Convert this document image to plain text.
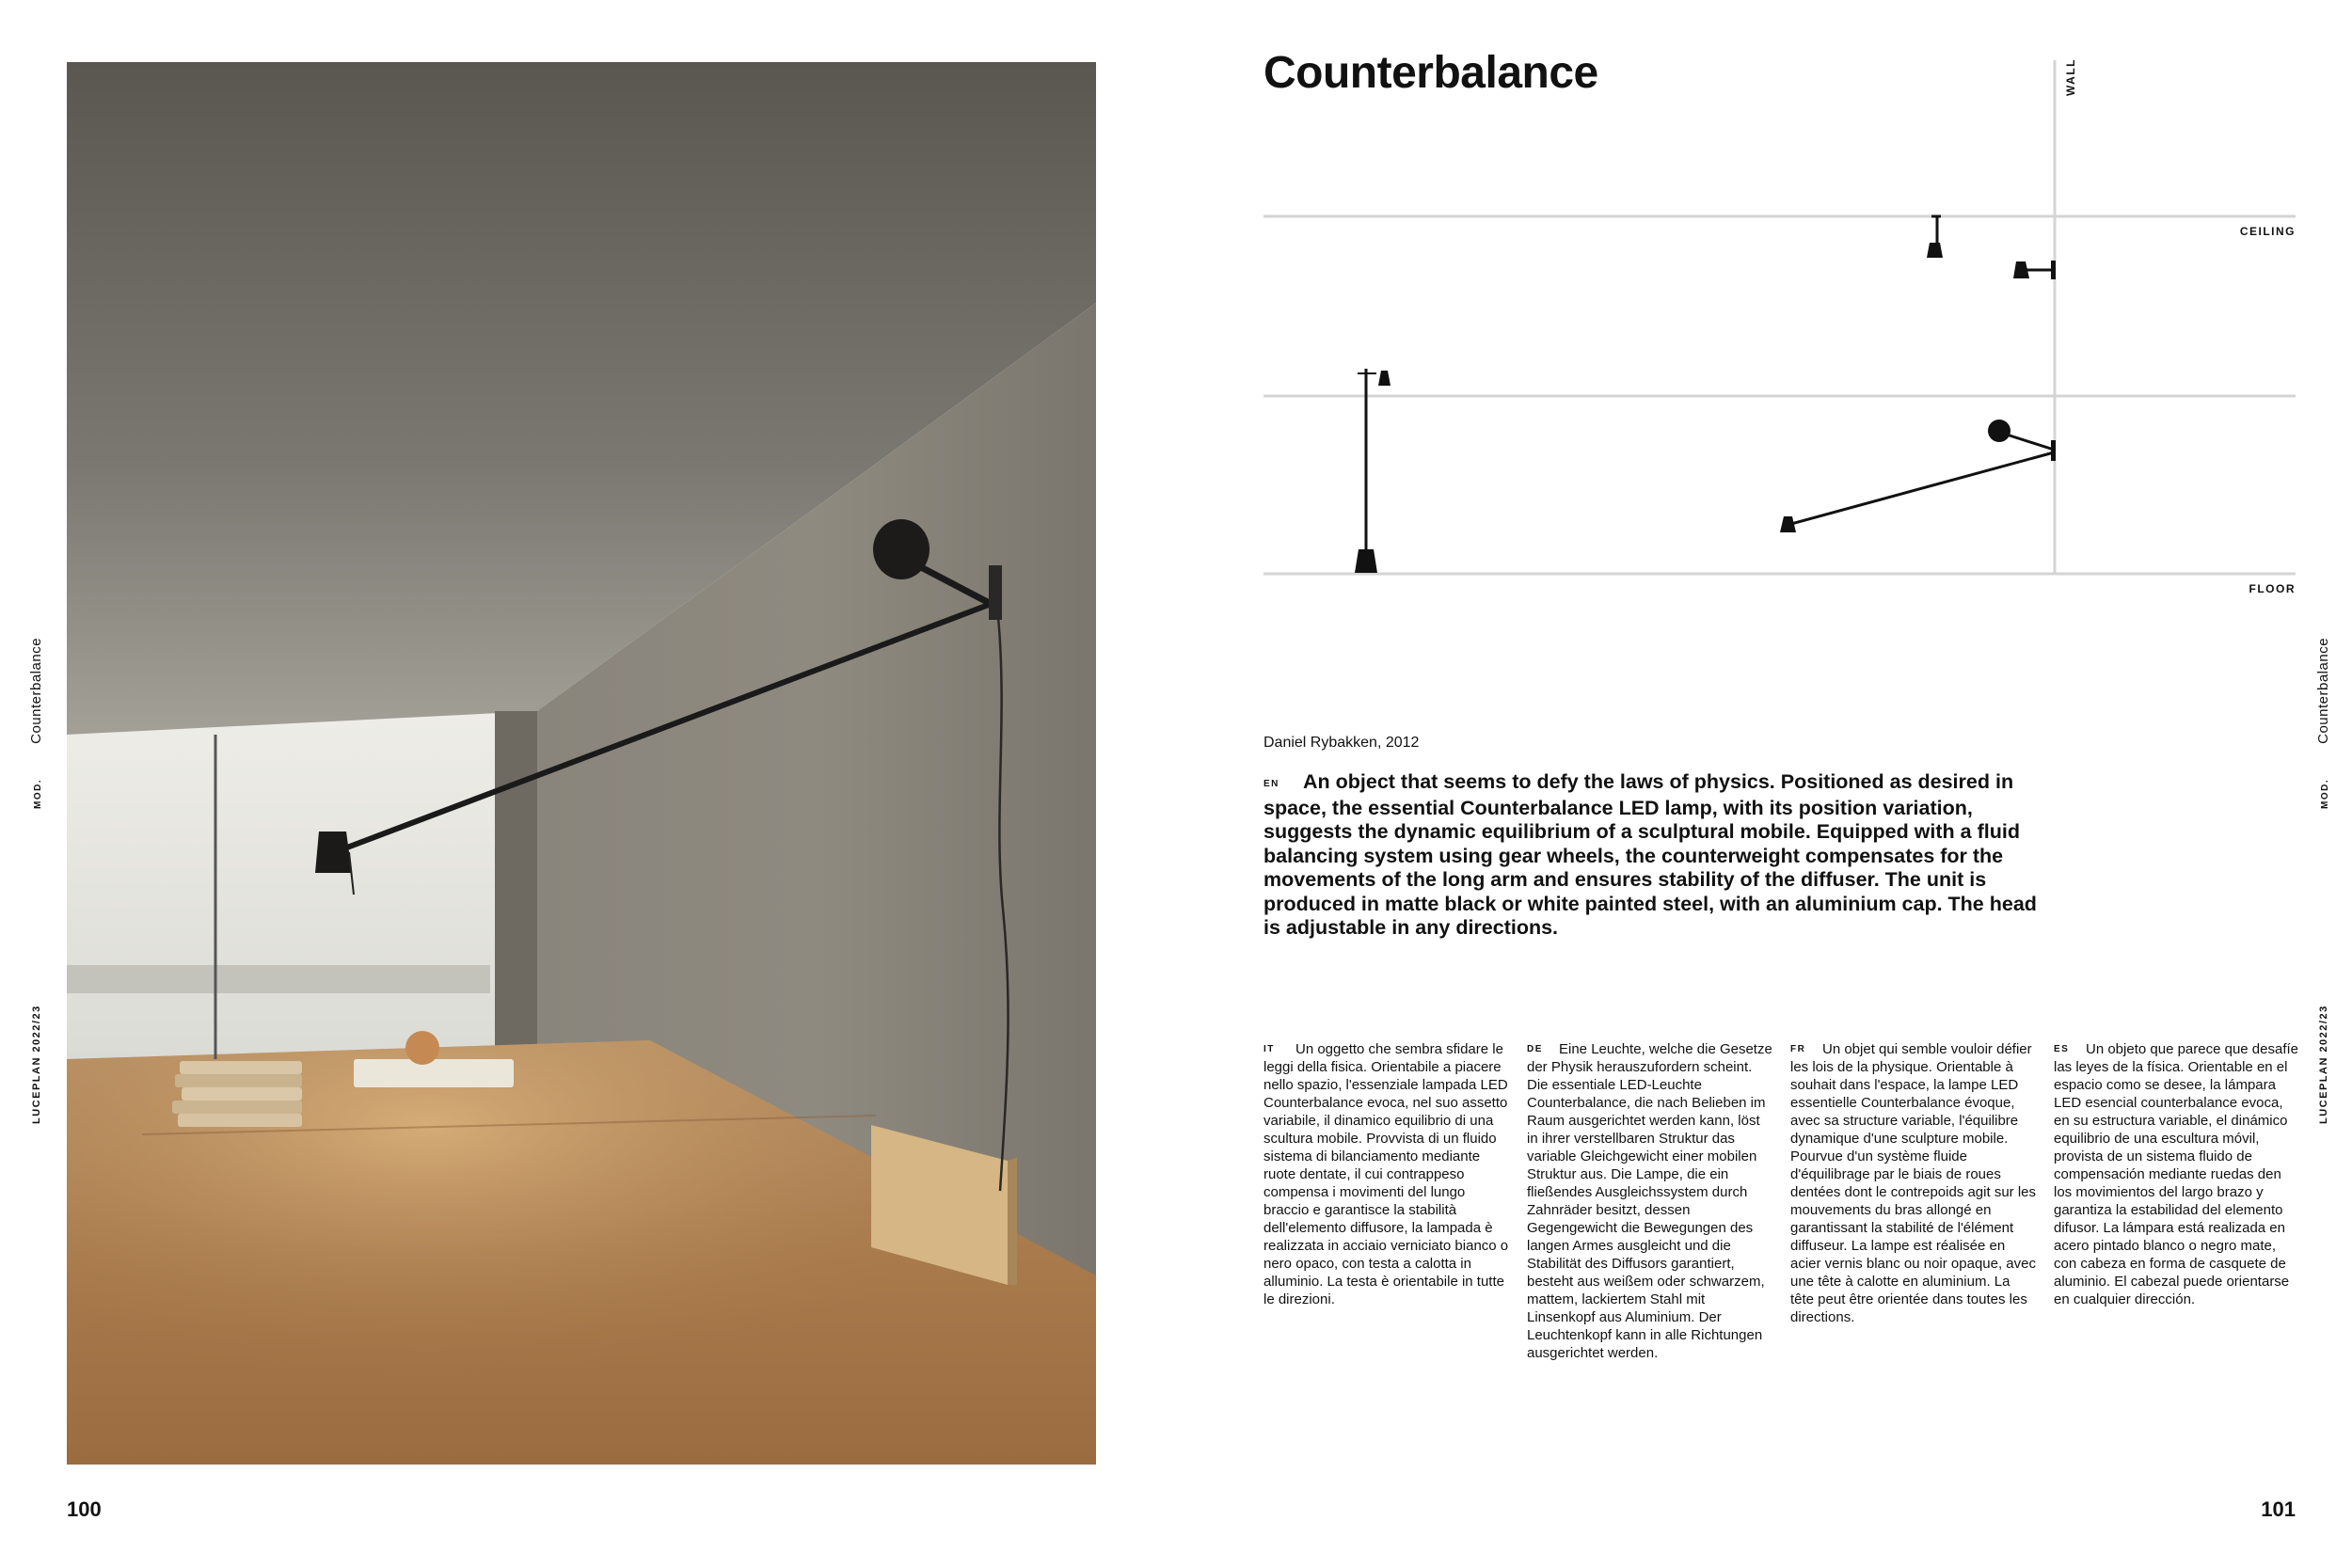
MOD.         Counterbalance
LUCEPLAN 2022/23
100
Counterbalance	WALL
CEILING
FLOOR
Daniel Rybakken, 2012
EN An object that seems to defy the laws of physics. Positioned as desired in space, the essential Counterbalance LED lamp, with its position variation, suggests the dynamic equilibrium of a sculptural mobile. Equipped with a fluid balancing system using gear wheels, the counterweight compensates for the movements of the long arm and ensures stability of the diffuser. The unit is produced in matte black or white painted steel, with an aluminium cap. The head is adjustable in any directions.
IT Un oggetto che sembra sfidare le leggi della fisica. Orientabile a piacere nello spazio, l'essenziale lampada LED Counterbalance evoca, nel suo assetto variabile, il dinamico equilibrio di una scultura mobile. Provvista di un fluido sistema di bilanciamento mediante ruote dentate, il cui contrappeso compensa i movimenti del lungo braccio e garantisce la stabilità dell'elemento diffusore, la lampada è realizzata in acciaio verniciato bianco o nero opaco, con testa a calotta in alluminio. La testa è orientabile in tutte le direzioni.
DE Eine Leuchte, welche die Gesetze der Physik herauszufordern scheint. Die essentiale LED-Leuchte Counterbalance, die nach Belieben im Raum ausgerichtet werden kann, löst in ihrer verstellbaren Struktur das variable Gleichgewicht einer mobilen Struktur aus. Die Lampe, die ein fließendes Ausgleichssystem durch Zahnräder besitzt, dessen Gegengewicht die Bewegungen des langen Armes ausgleicht und die Stabilität des Diffusors garantiert, besteht aus weißem oder schwarzem, mattem, lackiertem Stahl mit Linsenkopf aus Aluminium. Der Leuchtenkopf kann in alle Richtungen ausgerichtet werden.
FR Un objet qui semble vouloir défier les lois de la physique. Orientable à souhait dans l'espace, la lampe LED essentielle Counterbalance évoque, avec sa structure variable, l'équilibre dynamique d'une sculpture mobile. Pourvue d'un système fluide d'équilibrage par le biais de roues dentées dont le contrepoids agit sur les mouvements du bras allongé en garantissant la stabilité de l'élément diffuseur. La lampe est réalisée en acier vernis blanc ou noir opaque, avec une tête à calotte en aluminium. La tête peut être orientée dans toutes les directions.
ES Un objeto que parece que desafíe las leyes de la física. Orientable en el espacio como se desee, la lámpara LED esencial counterbalance evoca, en su estructura variable, el dinámico equilibrio de una escultura móvil, provista de un sistema fluido de compensación mediante ruedas den los movimientos del largo brazo y garantiza la estabilidad del elemento difusor. La lámpara está realizada en acero pintado blanco o negro mate, con cabeza en forma de casquete de aluminio. El cabezal puede orientarse en cualquier dirección.
MOD.         Counterbalance
LUCEPLAN 2022/23
101
